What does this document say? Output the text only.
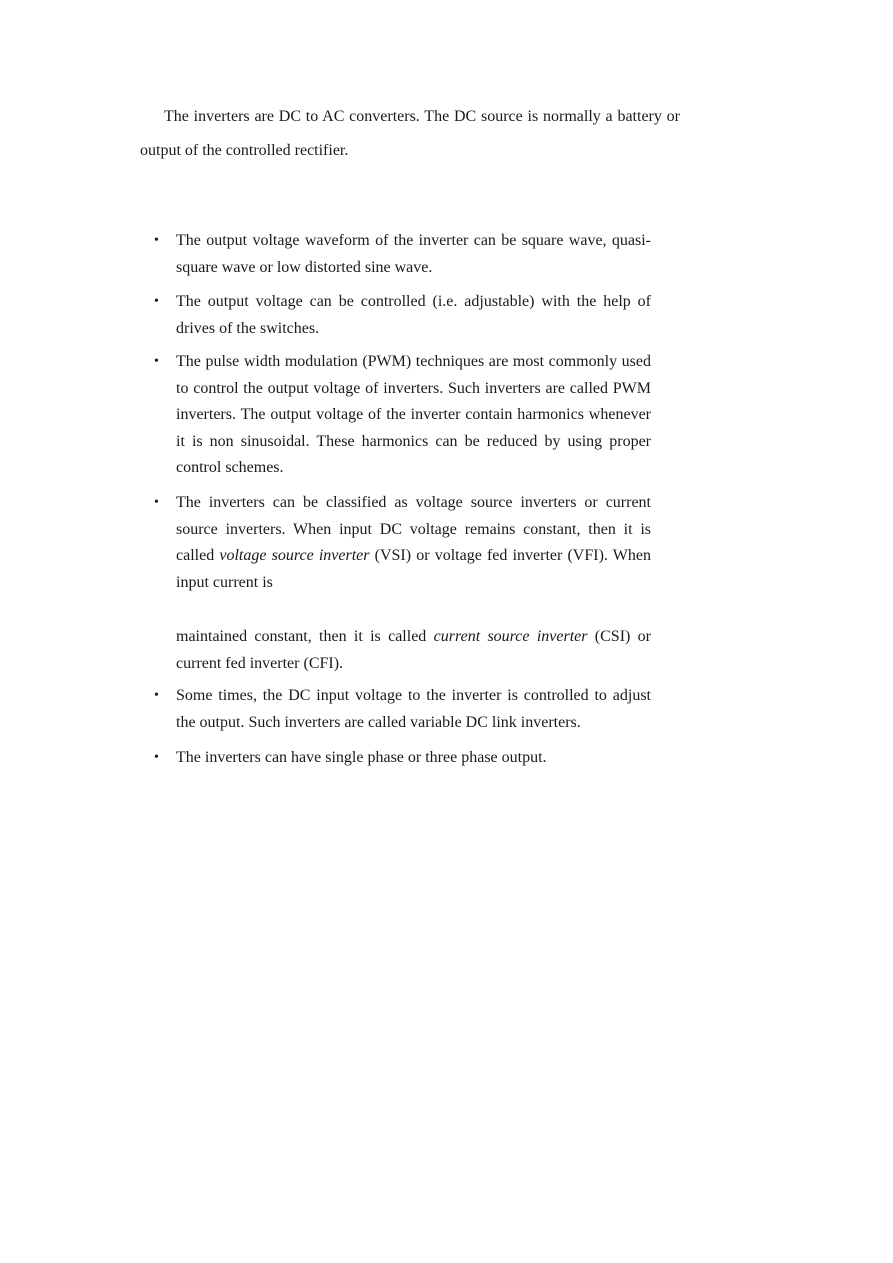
The inverters are DC to AC converters. The DC source is normally a battery or output of the controlled rectifier.

• The output voltage waveform of the inverter can be square wave, quasi-square wave or low distorted sine wave.
• The output voltage can be controlled (i.e. adjustable) with the help of drives of the switches.
• The pulse width modulation (PWM) techniques are most commonly used to control the output voltage of inverters. Such inverters are called PWM inverters. The output voltage of the inverter contain harmonics whenever it is non sinusoidal. These harmonics can be reduced by using proper control schemes.
• The inverters can be classified as voltage source inverters or current source inverters. When input DC voltage remains constant, then it is called voltage source inverter (VSI) or voltage fed inverter (VFI). When input current is
• Some times, the DC input voltage to the inverter is controlled to adjust the output. Such inverters are called variable DC link inverters.
• The inverters can have single phase or three phase output.

maintained constant, then it is called current source inverter (CSI) or current fed inverter (CFI).
